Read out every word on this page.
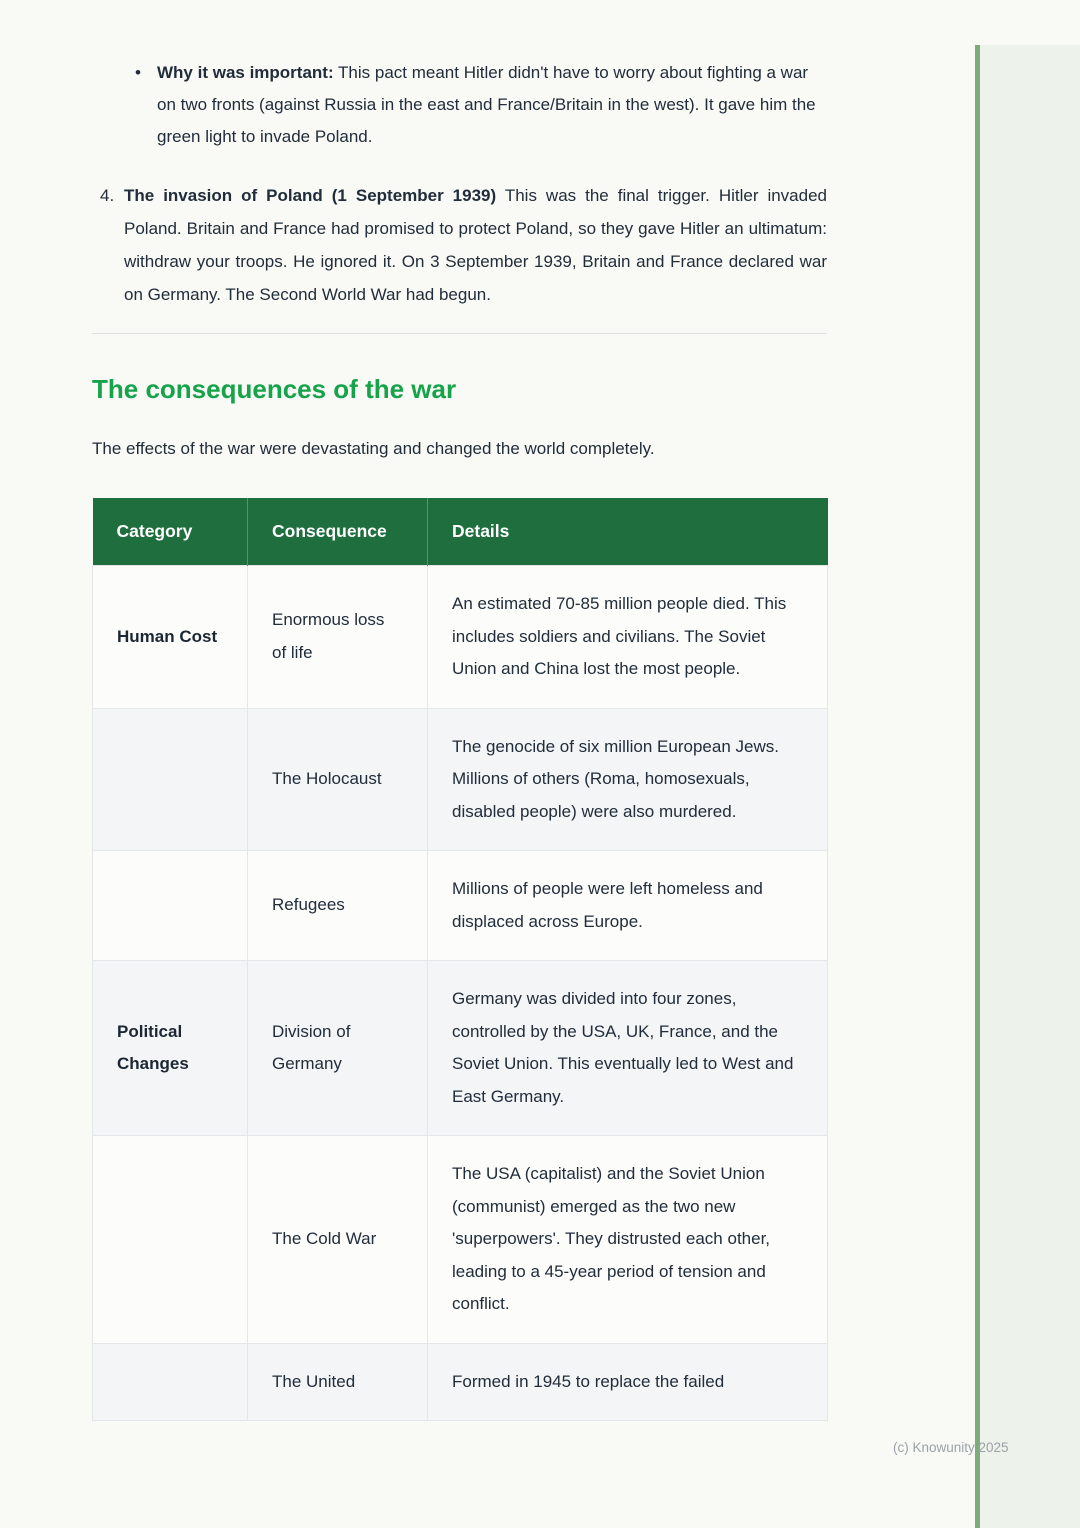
• Why it was important: This pact meant Hitler didn't have to worry about fighting a war on two fronts (against Russia in the east and France/Britain in the west). It gave him the green light to invade Poland.
4. The invasion of Poland (1 September 1939) This was the final trigger. Hitler invaded Poland. Britain and France had promised to protect Poland, so they gave Hitler an ultimatum: withdraw your troops. He ignored it. On 3 September 1939, Britain and France declared war on Germany. The Second World War had begun.
The consequences of the war

The effects of the war were devastating and changed the world completely.

Category	Consequence	Details
Human Cost	Enormous loss of life	An estimated 70-85 million people died. This includes soldiers and civilians. The Soviet Union and China lost the most people.
	The Holocaust	The genocide of six million European Jews. Millions of others (Roma, homosexuals, disabled people) were also murdered.
	Refugees	Millions of people were left homeless and displaced across Europe.
Political Changes	Division of Germany	Germany was divided into four zones, controlled by the USA, UK, France, and the Soviet Union. This eventually led to West and East Germany.
	The Cold War	The USA (capitalist) and the Soviet Union (communist) emerged as the two new 'superpowers'. They distrusted each other, leading to a 45-year period of tension and conflict.
	The United	Formed in 1945 to replace the failed
(c) Knowunity 2025
